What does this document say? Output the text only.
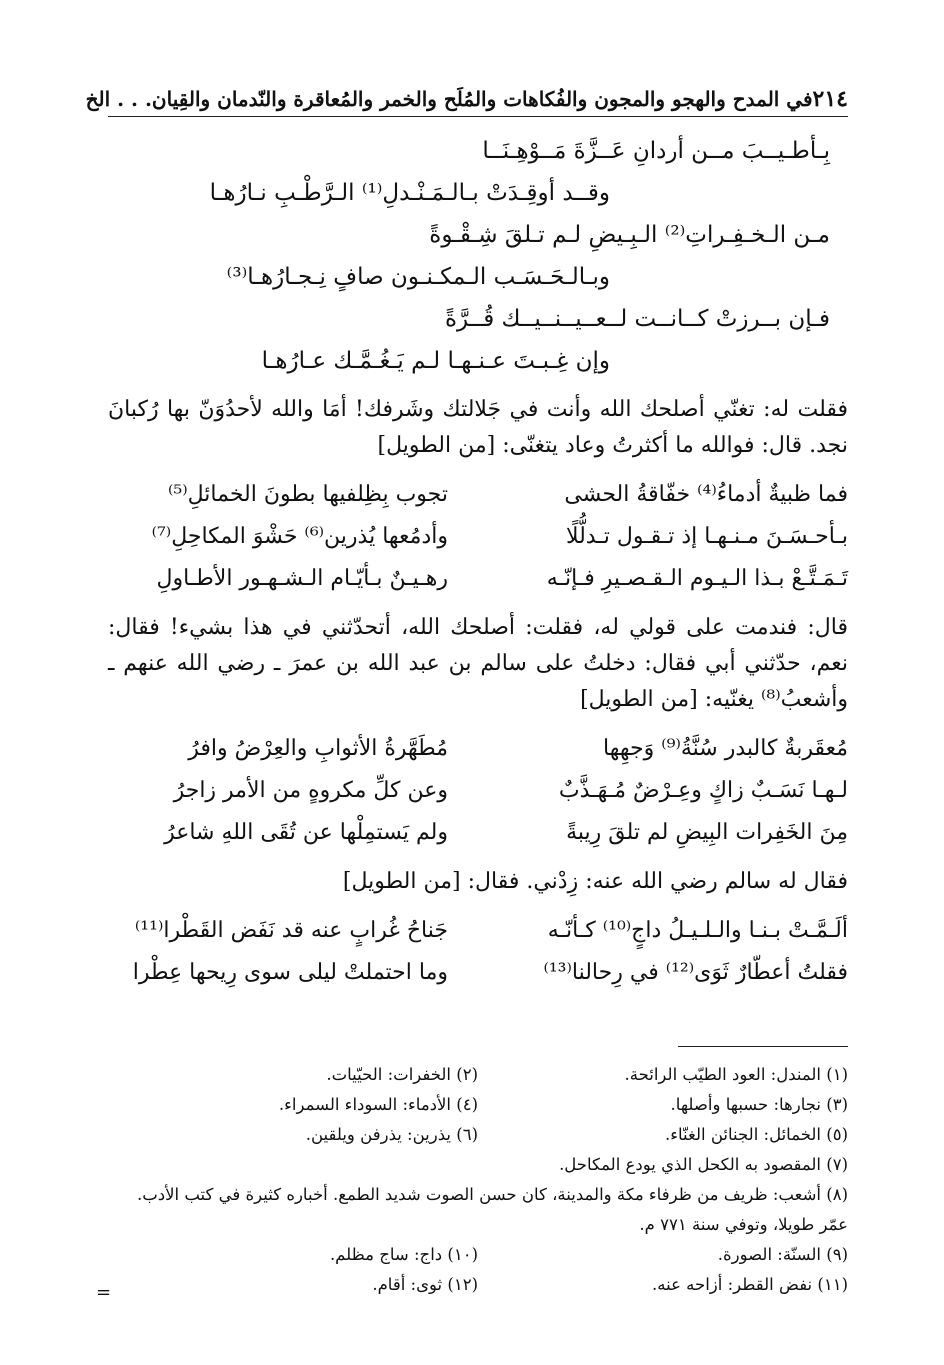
٢١٤
في المدح والهجو والمجون والفُكاهات والمُلَح والخمر والمُعاقرة والنّدمان والقِيان. . . الخ
بِـأطـيــبَ مــن أردانِ عَــزَّةَ مَــوْهِـنَــا
وقــد أوقِـدَتْ بـالـمَـنْـدلِ⁽¹⁾ الـرَّطْـبِ نـارُهـا
مـن الـخـفِـراتِ⁽²⁾ الـبِـيضِ لـم تـلقَ شِـقْـوةً
وبـالـحَـسَـب الـمكـنـون صافٍ نِـجـارُهـا⁽³⁾
فـإن بــرزتْ كــانــت لــعــيــنــيــك قُــرَّةً
وإن غِـبـتَ عـنـهـا لـم يَـغُـمَّـك عـارُهـا
فقلت له: تغنّي أصلحك الله وأنت في جَلالتك وشَرفك! أمَا والله لأحدُوَنّ بها رُكبانَ نجد. قال: فوالله ما أكثرتُ وعاد يتغنّى: [من الطويل]
فما ظبيةٌ أدماءُ⁽⁴⁾ خفّاقةُ الحشى
تجوب بِظِلفيها بطونَ الخمائلِ⁽⁵⁾
بـأحـسَـنَ مـنـهـا إذ تـقـول تـدلُّلًا
وأدمُعها يُذرين⁽⁶⁾ حَشْوَ المكاحِلِ⁽⁷⁾
تَـمَـتَّـعْ بـذا الـيـوم الـقـصـيرِ فـإنّـه
رهـيـنٌ بـأيّـام الـشـهـور الأطـاولِ
قال: فندمت على قولي له، فقلت: أصلحك الله، أتحدّثني في هذا بشيء! فقال: نعم، حدّثني أبي فقال: دخلتُ على سالم بن عبد الله بن عمرَ ـ رضي الله عنهم ـ وأشعبُ⁽⁸⁾ يغنّيه: [من الطويل]
مُعقَربةٌ كالبدر سُنَّةُ⁽⁹⁾ وَجهِها
مُطَهَّرةُ الأثوابِ والعِرْضُ وافرُ
لـهـا نَسَـبٌ زاكٍ وعِـرْضٌ مُـهَـذَّبٌ
وعن كلِّ مكروهٍ من الأمر زاجرُ
مِنَ الخَفِرات البِيضِ لم تلقَ رِيبةً
ولم يَستمِلْها عن تُقَى اللهِ شاعرُ
فقال له سالم رضي الله عنه: زِدْني. فقال: [من الطويل]
ألَـمَّـتْ بـنـا والـلـيـلُ داجٍ⁽¹⁰⁾ كـأنّـه
جَناحُ غُرابٍ عنه قد نَفَض القَطْرا⁽¹¹⁾
فقلتُ أعطّارٌ ثَوَى⁽¹²⁾ في رِحالنا⁽¹³⁾
وما احتملتْ ليلى سوى رِيحها عِطْرا
(١) المندل: العود الطيّب الرائحة.
(٢) الخفرات: الحيّيات.
(٣) نجارها: حسبها وأصلها.
(٤) الأدماء: السوداء السمراء.
(٥) الخمائل: الجنائن الغنّاء.
(٦) يذرين: يذرفن ويلقين.
(٧) المقصود به الكحل الذي يودع المكاحل.
(٨) أشعب: ظريف من ظرفاء مكة والمدينة، كان حسن الصوت شديد الطمع. أخباره كثيرة في كتب الأدب. عمّر طويلا، وتوفي سنة ٧٧١ م.
(٩) السنّة: الصورة.
(١٠) داج: ساج مظلم.
(١١) نفض القطر: أزاحه عنه.
(١٢) ثوى: أقام.
=
